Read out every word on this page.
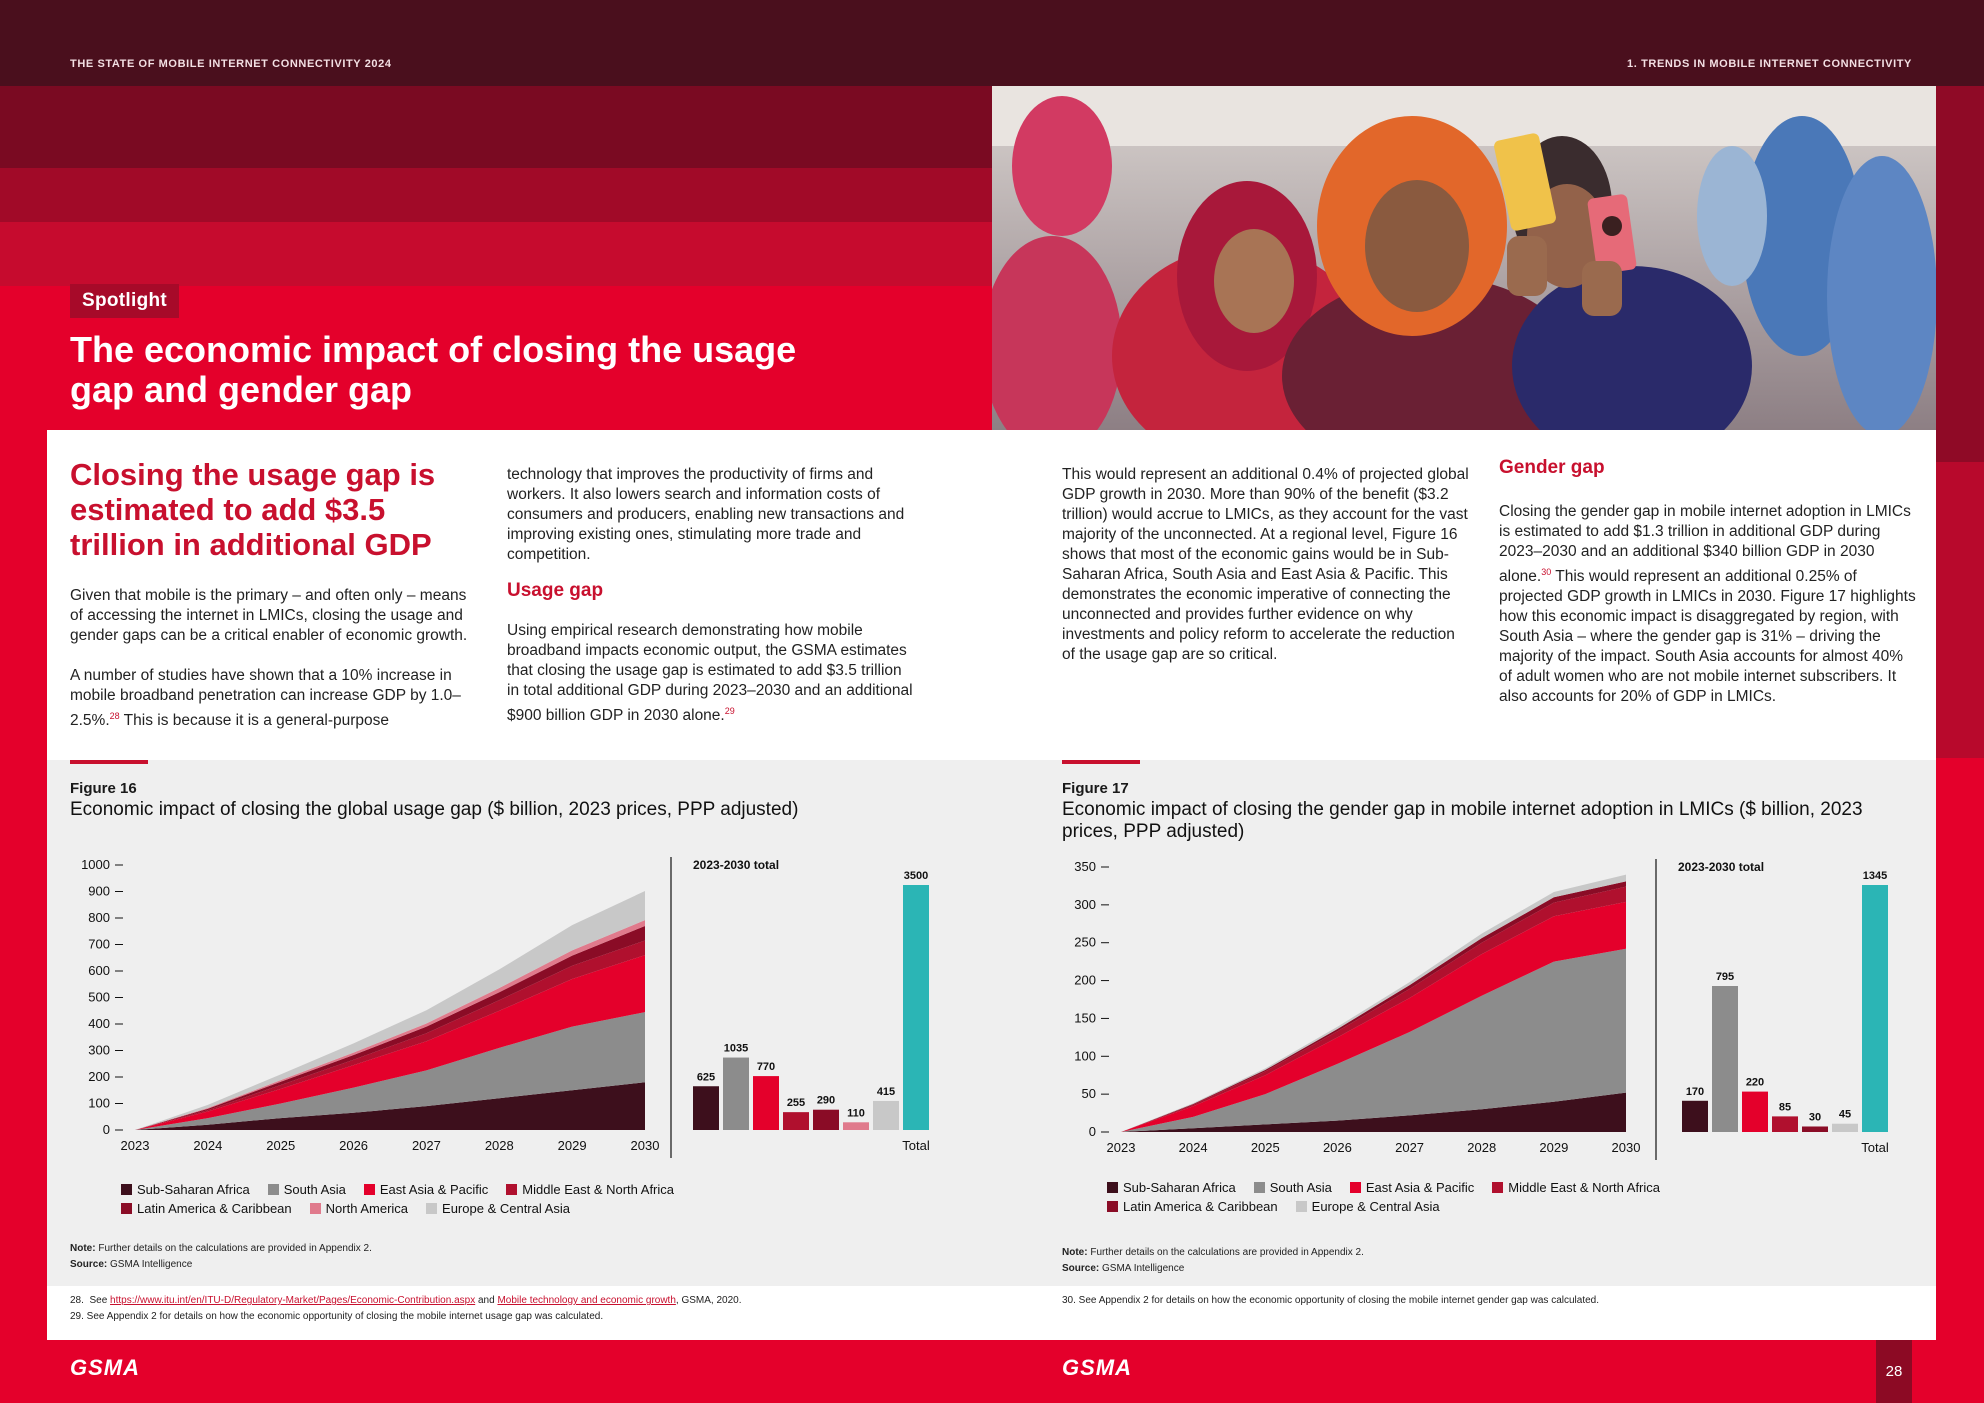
THE STATE OF MOBILE INTERNET CONNECTIVITY 2024	1. TRENDS IN MOBILE INTERNET CONNECTIVITY
Spotlight
The economic impact of closing the usage gap and gender gap
Closing the usage gap is estimated to add $3.5 trillion in additional GDP

Given that mobile is the primary – and often only – means of accessing the internet in LMICs, closing the usage and gender gaps can be a critical enabler of economic growth.

A number of studies have shown that a 10% increase in mobile broadband penetration can increase GDP by 1.0–2.5%.$^{28}$ This is because it is a general-purpose

technology that improves the productivity of firms and workers. It also lowers search and information costs of consumers and producers, enabling new transactions and improving existing ones, stimulating more trade and competition.

Usage gap

Using empirical research demonstrating how mobile broadband impacts economic output, the GSMA estimates that closing the usage gap is estimated to add $3.5 trillion in total additional GDP during 2023–2030 and an additional $900 billion GDP in 2030 alone.$^{29}$

This would represent an additional 0.4% of projected global GDP growth in 2030. More than 90% of the benefit ($3.2 trillion) would accrue to LMICs, as they account for the vast majority of the unconnected. At a regional level, Figure 16 shows that most of the economic gains would be in Sub-Saharan Africa, South Asia and East Asia & Pacific. This demonstrates the economic imperative of connecting the unconnected and provides further evidence on why investments and policy reform to accelerate the reduction of the usage gap are so critical.

Gender gap

Closing the gender gap in mobile internet adoption in LMICs is estimated to add $1.3 trillion in additional GDP during 2023–2030 and an additional $340 billion GDP in 2030 alone.$^{30}$ This would represent an additional 0.25% of projected GDP growth in LMICs in 2030. Figure 17 highlights how this economic impact is disaggregated by region, with South Asia – where the gender gap is 31% – driving the majority of the impact. South Asia accounts for almost 40% of adult women who are not mobile internet subscribers. It also accounts for 20% of GDP in LMICs.

Figure 16
Economic impact of closing the global usage gap ($ billion, 2023 prices, PPP adjusted)
Figure 17
Economic impact of closing the gender gap in mobile internet adoption in LMICs ($ billion, 2023 prices, PPP adjusted)
0
100
200
300
400
500
600
700
800
900
1000
2023	2024	2025	2026	2027	2028	2029	2030
2023-2030 total
625
1035
770
255 290
110
415
3500
Total
0
50
100
150
200
250
300
350
2023	2024	2025	2026	2027	2028	2029	2030
2023-2030 total
170
795
220
85
30 45
1345
Total
Sub-Saharan Africa	South Asia	East Asia & Pacific	Middle East & North Africa
Latin America & Caribbean	North America	Europe & Central Asia
Sub-Saharan Africa	South Asia	East Asia & Pacific	Middle East & North Africa
Latin America & Caribbean	Europe & Central Asia
Note: Further details on the calculations are provided in Appendix 2.
Source: GSMA Intelligence
Note: Further details on the calculations are provided in Appendix 2.
Source: GSMA Intelligence
28. See https://www.itu.int/en/ITU-D/Regulatory-Market/Pages/Economic-Contribution.aspx and Mobile technology and economic growth, GSMA, 2020.
29. See Appendix 2 for details on how the economic opportunity of closing the mobile internet usage gap was calculated.
30. See Appendix 2 for details on how the economic opportunity of closing the mobile internet gender gap was calculated.
GSMA	GSMA	28
